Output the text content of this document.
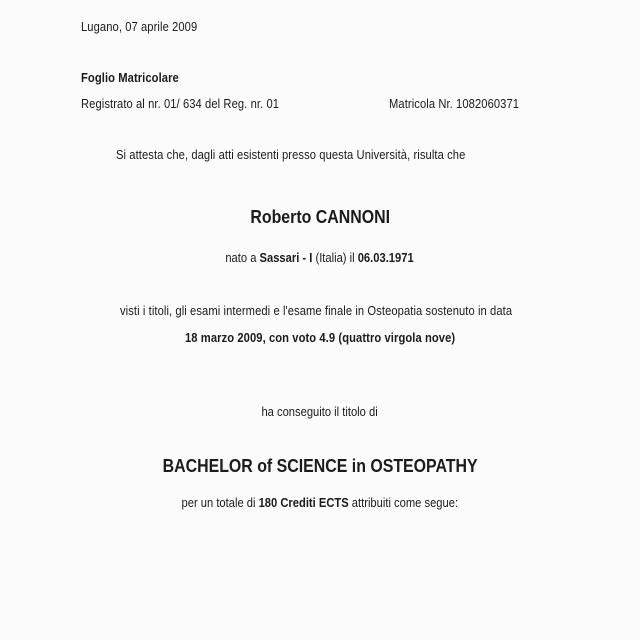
Lugano, 07 aprile 2009
Foglio Matricolare
Registrato al nr. 01/ 634 del Reg. nr. 01	Matricola Nr. 1082060371
Si attesta che, dagli atti esistenti presso questa Università, risulta che
Roberto CANNONI
nato a Sassari - I (Italia) il 06.03.1971
visti i titoli, gli esami intermedi e l'esame finale in Osteopatia sostenuto in data
18 marzo 2009, con voto 4.9 (quattro virgola nove)
ha conseguito il titolo di
BACHELOR of SCIENCE in OSTEOPATHY
per un totale di 180 Crediti ECTS attribuiti come segue:
